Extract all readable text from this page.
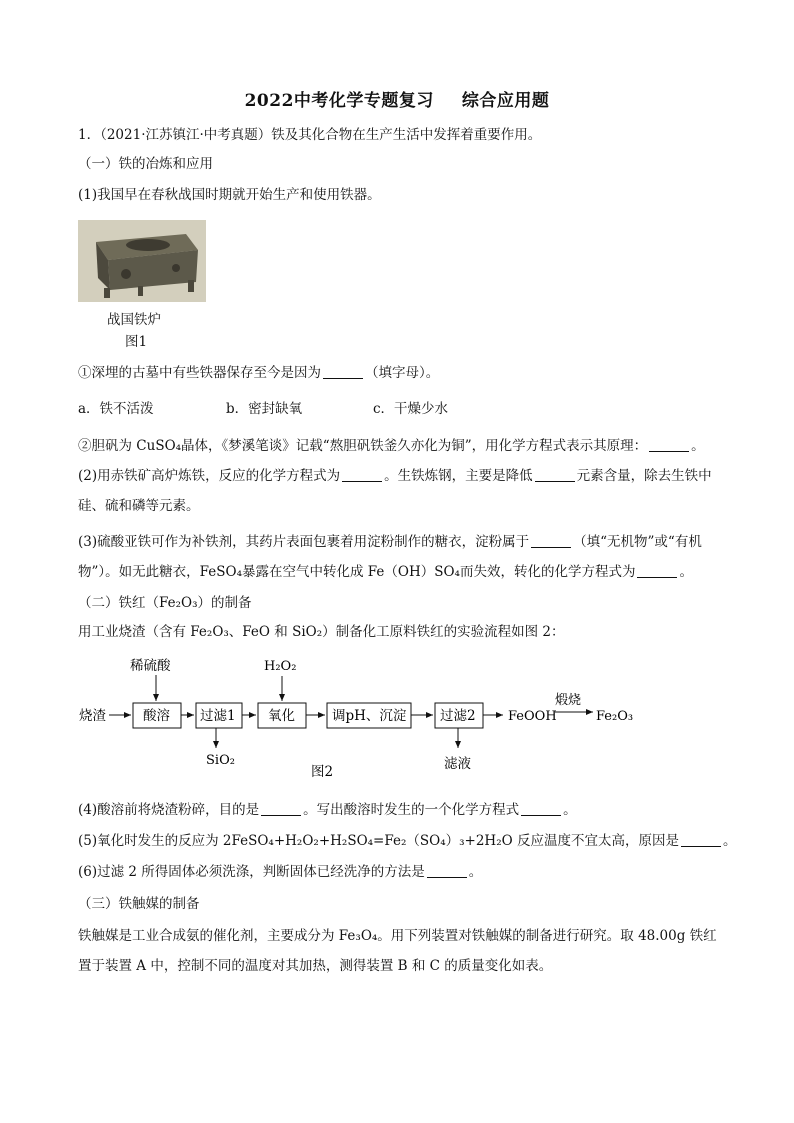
2022中考化学专题复习 综合应用题
1．（2021·江苏镇江·中考真题）铁及其化合物在生产生活中发挥着重要作用。
（一）铁的冶炼和应用
(1)我国早在春秋战国时期就开始生产和使用铁器。
战国铁炉
图1
①深埋的古墓中有些铁器保存至今是因为	（填字母）。
a．铁不活泼	b．密封缺氧	c．干燥少水
②胆矾为 CuSO₄晶体，《梦溪笔谈》记载“熬胆矾铁釜久亦化为铜”，用化学方程式表示其原理：	。
(2)用赤铁矿高炉炼铁，反应的化学方程式为	。生铁炼钢，主要是降低	元素含量，除去生铁中
硅、硫和磷等元素。
(3)硫酸亚铁可作为补铁剂，其药片表面包裹着用淀粉制作的糖衣，淀粉属于	（填“无机物”或“有机
物”）。如无此糖衣，FeSO₄暴露在空气中转化成 Fe（OH）SO₄而失效，转化的化学方程式为	。
（二）铁红（Fe₂O₃）的制备
用工业烧渣（含有 Fe₂O₃、FeO 和 SiO₂）制备化工原料铁红的实验流程如图 2：
稀硫酸	H₂O₂
烧渣	酸溶 过滤1
SiO₂
氧化	调pH、沉淀 过滤2
滤液
FeOOH
煅烧
Fe₂O₃
图2
(4)酸溶前将烧渣粉碎，目的是	。写出酸溶时发生的一个化学方程式	。
(5)氧化时发生的反应为 2FeSO₄+H₂O₂+H₂SO₄=Fe₂（SO₄）₃+2H₂O 反应温度不宜太高，原因是	。
(6)过滤 2 所得固体必须洗涤，判断固体已经洗净的方法是	。
（三）铁触媒的制备
铁触媒是工业合成氨的催化剂，主要成分为 Fe₃O₄。用下列装置对铁触媒的制备进行研究。取 48.00g 铁红
置于装置 A 中，控制不同的温度对其加热，测得装置 B 和 C 的质量变化如表。
